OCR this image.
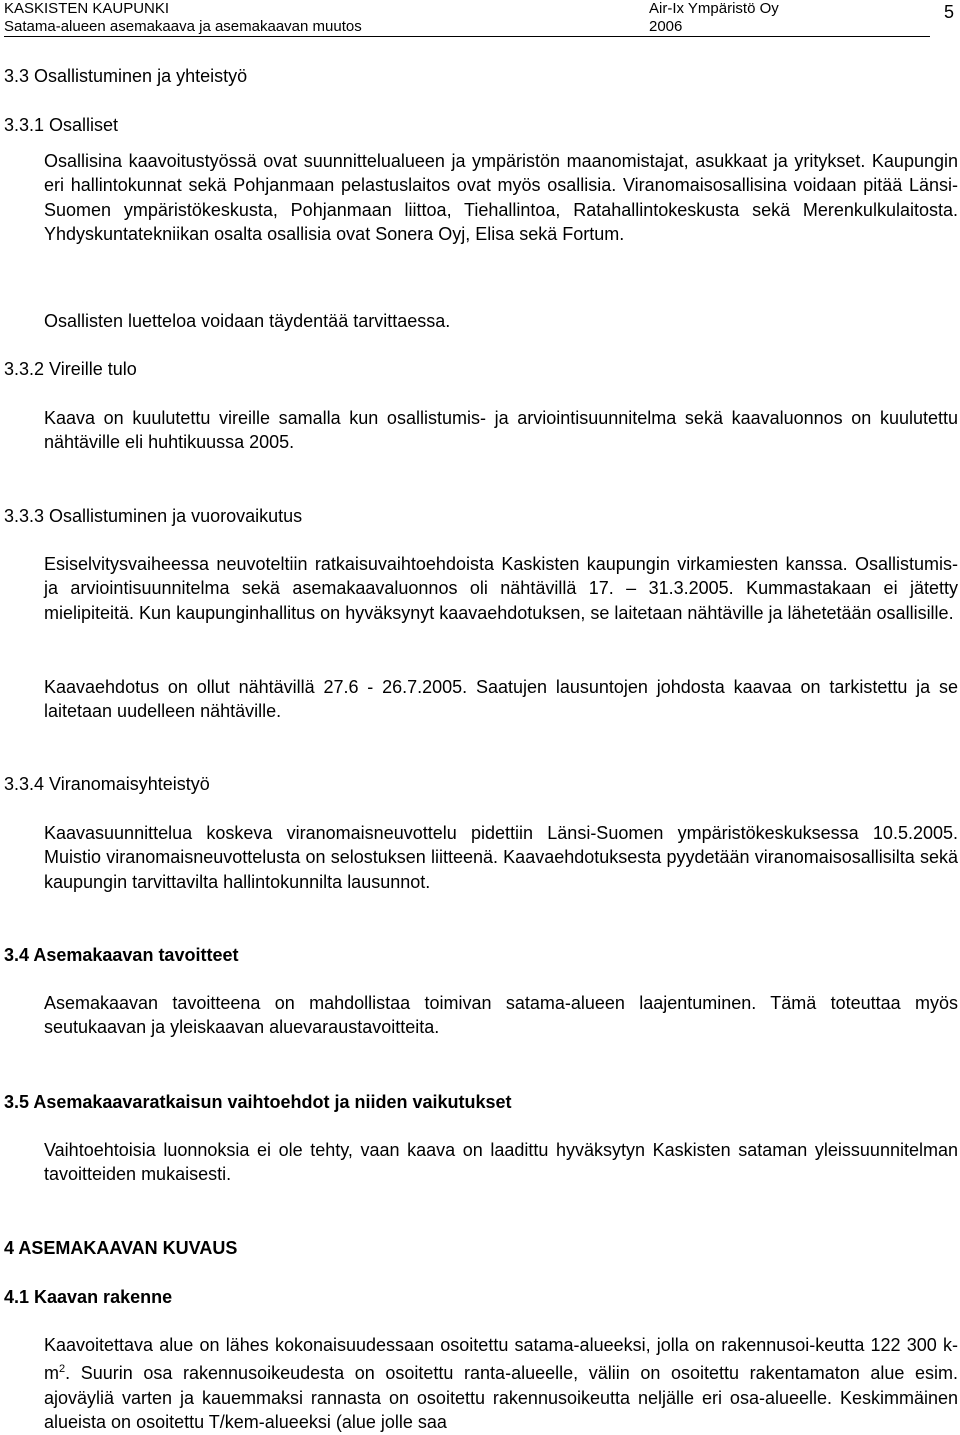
KASKISTEN KAUPUNKI	Air-Ix Ympäristö Oy
Satama-alueen asemakaava ja asemakaavan muutos	2006
5
3.3 Osallistuminen ja yhteistyö
3.3.1 Osalliset
Osallisina kaavoitustyössä ovat suunnittelualueen ja ympäristön maanomistajat, asukkaat ja yritykset. Kaupungin eri hallintokunnat sekä Pohjanmaan pelastuslaitos ovat myös osallisia. Viranomaisosallisina voidaan pitää Länsi-Suomen ympäristökeskusta, Pohjanmaan liittoa, Tiehallintoa, Ratahallintokeskusta sekä Merenkulkulaitosta. Yhdyskuntatekniikan osalta osallisia ovat Sonera Oyj, Elisa sekä Fortum.
Osallisten luetteloa voidaan täydentää tarvittaessa.
3.3.2 Vireille tulo
Kaava on kuulutettu vireille samalla kun osallistumis- ja arviointisuunnitelma sekä kaavaluonnos on kuulutettu nähtäville eli huhtikuussa 2005.
3.3.3 Osallistuminen ja vuorovaikutus
Esiselvitysvaiheessa neuvoteltiin ratkaisuvaihtoehdoista Kaskisten kaupungin virkamiesten kanssa. Osallistumis- ja arviointisuunnitelma sekä asemakaavaluonnos oli nähtävillä 17. – 31.3.2005. Kummastakaan ei jätetty mielipiteitä. Kun kaupunginhallitus on hyväksynyt kaavaehdotuksen, se laitetaan nähtäville ja lähetetään osallisille.
Kaavaehdotus on ollut nähtävillä 27.6 - 26.7.2005. Saatujen lausuntojen johdosta kaavaa on tarkistettu ja se laitetaan uudelleen nähtäville.
3.3.4 Viranomaisyhteistyö
Kaavasuunnittelua koskeva viranomaisneuvottelu pidettiin Länsi-Suomen ympäristökeskuksessa 10.5.2005. Muistio viranomaisneuvottelusta on selostuksen liitteenä. Kaavaehdotuksesta pyydetään viranomaisosallisilta sekä kaupungin tarvittavilta hallintokunnilta lausunnot.
3.4 Asemakaavan tavoitteet
Asemakaavan tavoitteena on mahdollistaa toimivan satama-alueen laajentuminen. Tämä toteuttaa myös seutukaavan ja yleiskaavan aluevaraustavoitteita.
3.5 Asemakaavaratkaisun vaihtoehdot ja niiden vaikutukset
Vaihtoehtoisia luonnoksia ei ole tehty, vaan kaava on laadittu hyväksytyn Kaskisten sataman yleissuunnitelman tavoitteiden mukaisesti.
4 ASEMAKAAVAN KUVAUS
4.1 Kaavan rakenne
Kaavoitettava alue on lähes kokonaisuudessaan osoitettu satama-alueeksi, jolla on rakennusoi-keutta 122 300 $k-m^2$. Suurin osa rakennusoikeudesta on osoitettu ranta-alueelle, väliin on osoitettu rakentamaton alue esim. ajoväyliä varten ja kauemmaksi rannasta on osoitettu rakennusoikeutta neljälle eri osa-alueelle. Keskimmäinen alueista on osoitettu T/kem-alueeksi (alue jolle saa
